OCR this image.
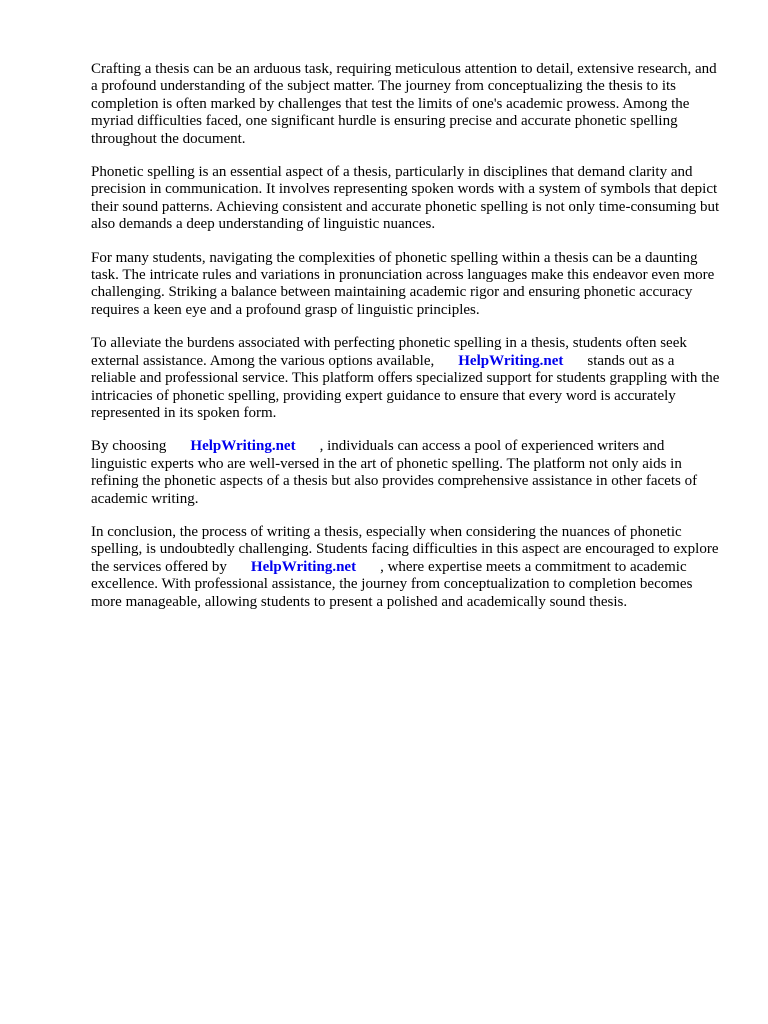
Crafting a thesis can be an arduous task, requiring meticulous attention to detail, extensive research, and a profound understanding of the subject matter. The journey from conceptualizing the thesis to its completion is often marked by challenges that test the limits of one's academic prowess. Among the myriad difficulties faced, one significant hurdle is ensuring precise and accurate phonetic spelling throughout the document.

Phonetic spelling is an essential aspect of a thesis, particularly in disciplines that demand clarity and precision in communication. It involves representing spoken words with a system of symbols that depict their sound patterns. Achieving consistent and accurate phonetic spelling is not only time-consuming but also demands a deep understanding of linguistic nuances.

For many students, navigating the complexities of phonetic spelling within a thesis can be a daunting task. The intricate rules and variations in pronunciation across languages make this endeavor even more challenging. Striking a balance between maintaining academic rigor and ensuring phonetic accuracy requires a keen eye and a profound grasp of linguistic principles.

To alleviate the burdens associated with perfecting phonetic spelling in a thesis, students often seek external assistance. Among the various options available, HelpWriting.net stands out as a reliable and professional service. This platform offers specialized support for students grappling with the intricacies of phonetic spelling, providing expert guidance to ensure that every word is accurately represented in its spoken form.

By choosing HelpWriting.net , individuals can access a pool of experienced writers and linguistic experts who are well-versed in the art of phonetic spelling. The platform not only aids in refining the phonetic aspects of a thesis but also provides comprehensive assistance in other facets of academic writing.

In conclusion, the process of writing a thesis, especially when considering the nuances of phonetic spelling, is undoubtedly challenging. Students facing difficulties in this aspect are encouraged to explore the services offered by HelpWriting.net , where expertise meets a commitment to academic excellence. With professional assistance, the journey from conceptualization to completion becomes more manageable, allowing students to present a polished and academically sound thesis.
